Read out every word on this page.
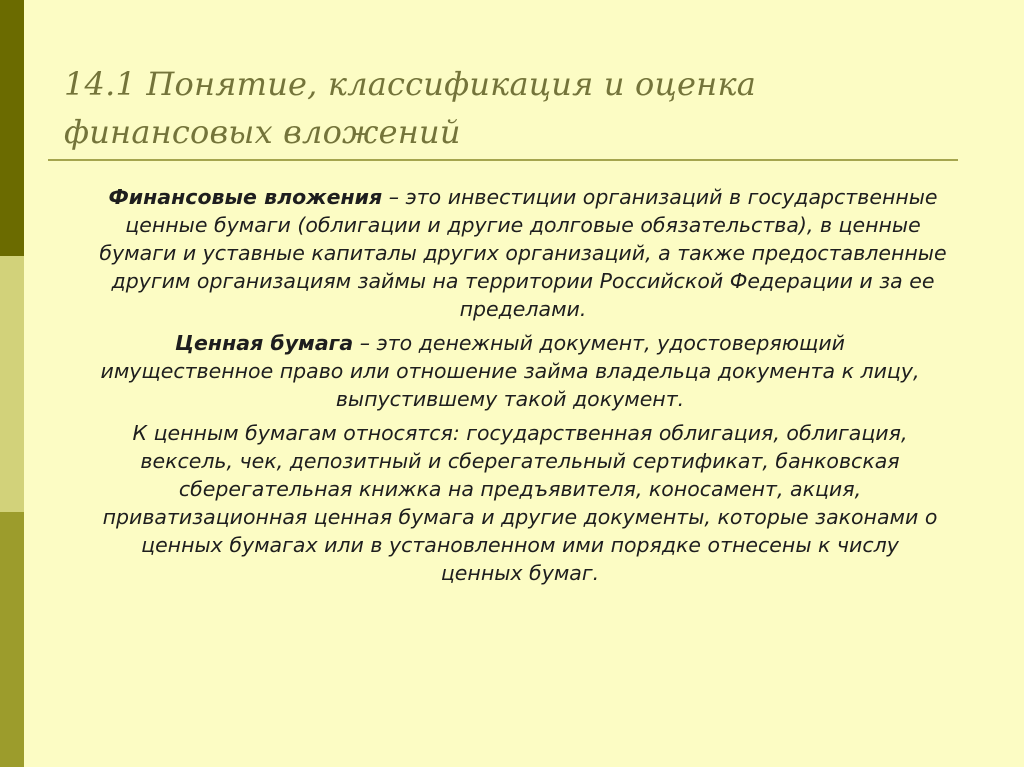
14.1 Понятие, классификация и оценка финансовых вложений

Финансовые вложения – это инвестиции организаций в государственные ценные бумаги (облигации и другие долговые обязательства), в ценные бумаги и уставные капиталы других организаций, а также предоставленные другим организациям займы на территории Российской Федерации и за ее пределами.

Ценная бумага – это денежный документ, удостоверяющий имущественное право или отношение займа владельца документа к лицу, выпустившему такой документ.

К ценным бумагам относятся: государственная облигация, облигация, вексель, чек, депозитный и сберегательный сертификат, банковская сберегательная книжка на предъявителя, коносамент, акция, приватизационная ценная бумага и другие документы, которые законами о ценных бумагах или в установленном ими порядке отнесены к числу ценных бумаг.
